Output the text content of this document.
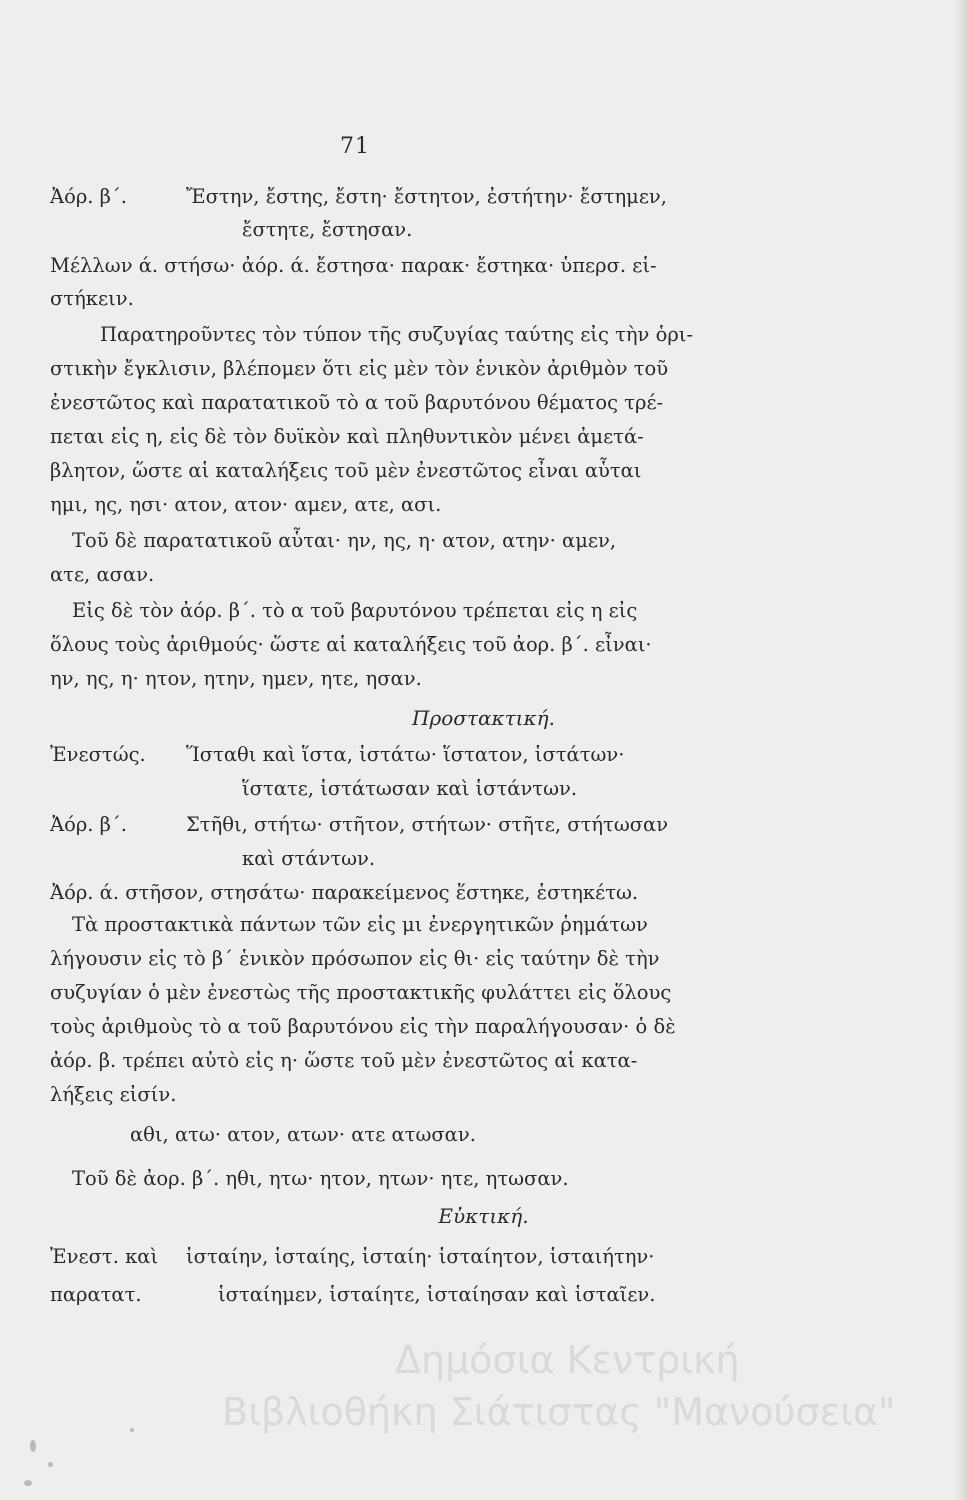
71
Ἀόρ. β΄.	Ἔστην, ἔστης, ἔστη· ἔστητον, ἐστήτην· ἔστημεν,
ἔστητε, ἔστησαν.
Μέλλων ά. στήσω· ἀόρ. ά. ἔστησα· παρακ· ἔστηκα· ὑπερσ. εἱ-
στήκειν.
Παρατηροῦντες τὸν τύπον τῆς συζυγίας ταύτης εἰς τὴν ὁρι-
στικὴν ἔγκλισιν, βλέπομεν ὅτι εἰς μὲν τὸν ἑνικὸν ἀριθμὸν τοῦ
ἐνεστῶτος καὶ παρατατικοῦ τὸ α τοῦ βαρυτόνου θέματος τρέ-
πεται εἰς η, εἰς δὲ τὸν δυϊκὸν καὶ πληθυντικὸν μένει ἀμετά-
βλητον, ὥστε αἱ καταλήξεις τοῦ μὲν ἐνεστῶτος εἶναι αὗται
ημι, ης, ησι· ατον, ατον· αμεν, ατε, ασι.
Τοῦ δὲ παρατατικοῦ αὗται· ην, ης, η· ατον, ατην· αμεν,
ατε, ασαν.
Εἰς δὲ τὸν ἀόρ. β΄. τὸ α τοῦ βαρυτόνου τρέπεται εἰς η εἰς
ὅλους τοὺς ἀριθμούς· ὥστε αἱ καταλήξεις τοῦ ἀορ. β΄. εἶναι·
ην, ης, η· ητον, ητην, ημεν, ητε, ησαν.
Προστακτική.
Ἐνεστώς. Ἵσταθι καὶ ἵστα, ἱστάτω· ἵστατον, ἱστάτων·
ἵστατε, ἱστάτωσαν καὶ ἱστάντων.
Ἀόρ. β΄.	Στῆθι, στήτω· στῆτον, στήτων· στῆτε, στήτωσαν
καὶ στάντων.
Ἀόρ. ά. στῆσον, στησάτω· παρακείμενος ἕστηκε, ἑστηκέτω.
Τὰ προστακτικὰ πάντων τῶν εἰς μι ἐνεργητικῶν ῥημάτων
λήγουσιν εἰς τὸ β΄ ἑνικὸν πρόσωπον εἰς θι· εἰς ταύτην δὲ τὴν
συζυγίαν ὁ μὲν ἐνεστὼς τῆς προστακτικῆς φυλάττει εἰς ὅλους
τοὺς ἀριθμοὺς τὸ α τοῦ βαρυτόνου εἰς τὴν παραλήγουσαν· ὁ δὲ
ἀόρ. β. τρέπει αὐτὸ εἰς η· ὥστε τοῦ μὲν ἐνεστῶτος αἱ κατα-
λήξεις εἰσίν.
αθι, ατω· ατον, ατων· ατε ατωσαν.
Τοῦ δὲ ἀορ. β΄. ηθι, ητω· ητον, ητων· ητε, ητωσαν.
Εὐκτική.
Ἐνεστ. καὶ ἱσταίην, ἱσταίης, ἱσταίη· ἱσταίητον, ἱσταιήτην·
παρατατ.	ἱσταίημεν, ἱσταίητε, ἱσταίησαν καὶ ἱσταῖεν.
Δημόσια Κεντρική
Βιβλιοθήκη Σιάτιστας "Μανούσεια"
